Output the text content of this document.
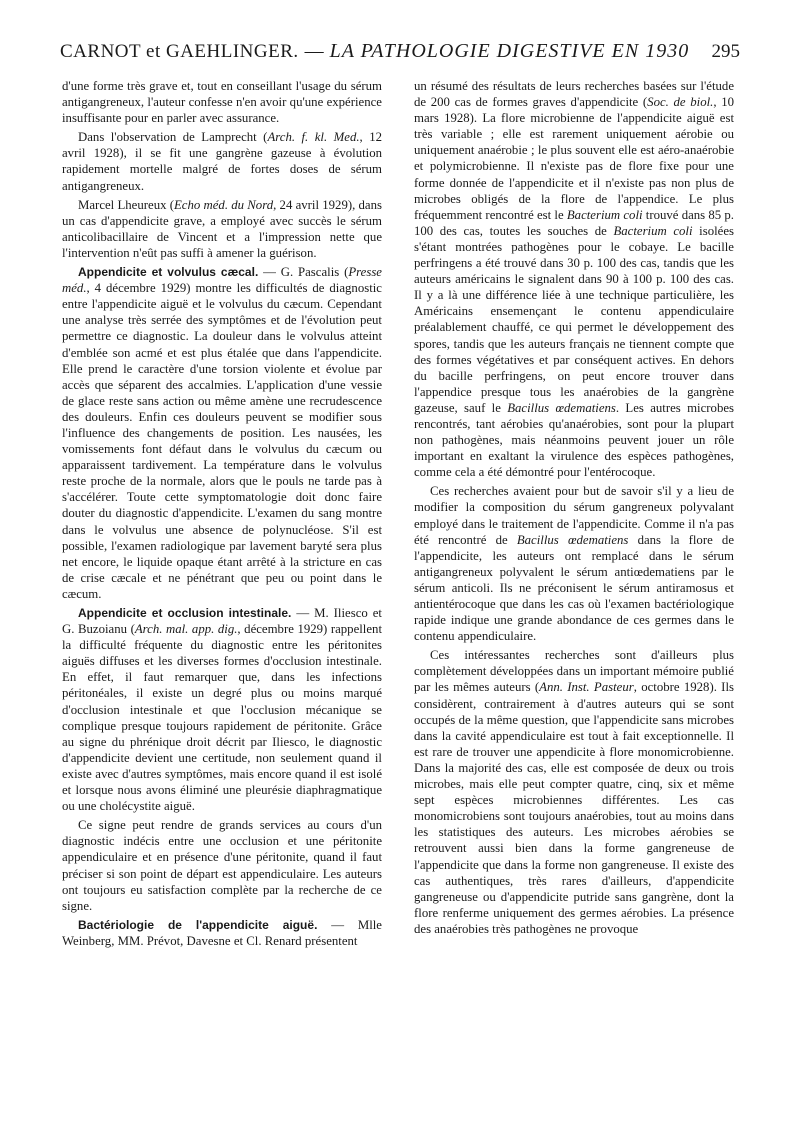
CARNOT et GAEHLINGER. — LA PATHOLOGIE DIGESTIVE EN 1930 295

d'une forme très grave et, tout en conseillant l'usage du sérum antigangreneux, l'auteur confesse n'en avoir qu'une expérience insuffisante pour en parler avec assurance.

Dans l'observation de Lamprecht (Arch. f. kl. Med., 12 avril 1928), il se fit une gangrène gazeuse à évolution rapidement mortelle malgré de fortes doses de sérum antigangreneux.

Marcel Lheureux (Echo méd. du Nord, 24 avril 1929), dans un cas d'appendicite grave, a employé avec succès le sérum anticolibacillaire de Vincent et a l'impression nette que l'intervention n'eût pas suffi à amener la guérison.

Appendicite et volvulus cæcal. — G. Pascalis (Presse méd., 4 décembre 1929) montre les difficultés de diagnostic entre l'appendicite aiguë et le volvulus du cæcum. Cependant une analyse très serrée des symptômes et de l'évolution peut permettre ce diagnostic. La douleur dans le volvulus atteint d'emblée son acmé et est plus étalée que dans l'appendicite. Elle prend le caractère d'une torsion violente et évolue par accès que séparent des accalmies. L'application d'une vessie de glace reste sans action ou même amène une recrudescence des douleurs. Enfin ces douleurs peuvent se modifier sous l'influence des changements de position. Les nausées, les vomissements font défaut dans le volvulus du cæcum ou apparaissent tardivement. La température dans le volvulus reste proche de la normale, alors que le pouls ne tarde pas à s'accélérer. Toute cette symptomatologie doit donc faire douter du diagnostic d'appendicite. L'examen du sang montre dans le volvulus une absence de polynucléose. S'il est possible, l'examen radiologique par lavement baryté sera plus net encore, le liquide opaque étant arrêté à la stricture en cas de crise cæcale et ne pénétrant que peu ou point dans le cæcum.

Appendicite et occlusion intestinale. — M. Iliesco et G. Buzoianu (Arch. mal. app. dig., décembre 1929) rappellent la difficulté fréquente du diagnostic entre les péritonites aiguës diffuses et les diverses formes d'occlusion intestinale. En effet, il faut remarquer que, dans les infections péritonéales, il existe un degré plus ou moins marqué d'occlusion intestinale et que l'occlusion mécanique se complique presque toujours rapidement de péritonite. Grâce au signe du phrénique droit décrit par Iliesco, le diagnostic d'appendicite devient une certitude, non seulement quand il existe avec d'autres symptômes, mais encore quand il est isolé et lorsque nous avons éliminé une pleurésie diaphragmatique ou une cholécystite aiguë.

Ce signe peut rendre de grands services au cours d'un diagnostic indécis entre une occlusion et une péritonite appendiculaire et en présence d'une péritonite, quand il faut préciser si son point de départ est appendiculaire. Les auteurs ont toujours eu satisfaction complète par la recherche de ce signe.

Bactériologie de l'appendicite aiguë. — Mlle Weinberg, MM. Prévot, Davesne et Cl. Renard présentent

un résumé des résultats de leurs recherches basées sur l'étude de 200 cas de formes graves d'appendicite (Soc. de biol., 10 mars 1928). La flore microbienne de l'appendicite aiguë est très variable ; elle est rarement uniquement aérobie ou uniquement anaérobie ; le plus souvent elle est aéro-anaérobie et polymicrobienne. Il n'existe pas de flore fixe pour une forme donnée de l'appendicite et il n'existe pas non plus de microbes obligés de la flore de l'appendice. Le plus fréquemment rencontré est le Bacterium coli trouvé dans 85 p. 100 des cas, toutes les souches de Bacterium coli isolées s'étant montrées pathogènes pour le cobaye. Le bacille perfringens a été trouvé dans 30 p. 100 des cas, tandis que les auteurs américains le signalent dans 90 à 100 p. 100 des cas. Il y a là une différence liée à une technique particulière, les Américains ensemençant le contenu appendiculaire préalablement chauffé, ce qui permet le développement des spores, tandis que les auteurs français ne tiennent compte que des formes végétatives et par conséquent actives. En dehors du bacille perfringens, on peut encore trouver dans l'appendice presque tous les anaérobies de la gangrène gazeuse, sauf le Bacillus œdematiens. Les autres microbes rencontrés, tant aérobies qu'anaérobies, sont pour la plupart non pathogènes, mais néanmoins peuvent jouer un rôle important en exaltant la virulence des espèces pathogènes, comme cela a été démontré pour l'entérocoque.

Ces recherches avaient pour but de savoir s'il y a lieu de modifier la composition du sérum gangreneux polyvalant employé dans le traitement de l'appendicite. Comme il n'a pas été rencontré de Bacillus œdematiens dans la flore de l'appendicite, les auteurs ont remplacé dans le sérum antigangreneux polyvalent le sérum antiœdematiens par le sérum anticoli. Ils ne préconisent le sérum antiramosus et antientérocoque que dans les cas où l'examen bactériologique rapide indique une grande abondance de ces germes dans le contenu appendiculaire.

Ces intéressantes recherches sont d'ailleurs plus complètement développées dans un important mémoire publié par les mêmes auteurs (Ann. Inst. Pasteur, octobre 1928). Ils considèrent, contrairement à d'autres auteurs qui se sont occupés de la même question, que l'appendicite sans microbes dans la cavité appendiculaire est tout à fait exceptionnelle. Il est rare de trouver une appendicite à flore monomicrobienne. Dans la majorité des cas, elle est composée de deux ou trois microbes, mais elle peut compter quatre, cinq, six et même sept espèces microbiennes différentes. Les cas monomicrobiens sont toujours anaérobies, tout au moins dans les statistiques des auteurs. Les microbes aérobies se retrouvent aussi bien dans la forme gangreneuse de l'appendicite que dans la forme non gangreneuse. Il existe des cas authentiques, très rares d'ailleurs, d'appendicite gangreneuse ou d'appendicite putride sans gangrène, dont la flore renferme uniquement des germes aérobies. La présence des anaérobies très pathogènes ne provoque
